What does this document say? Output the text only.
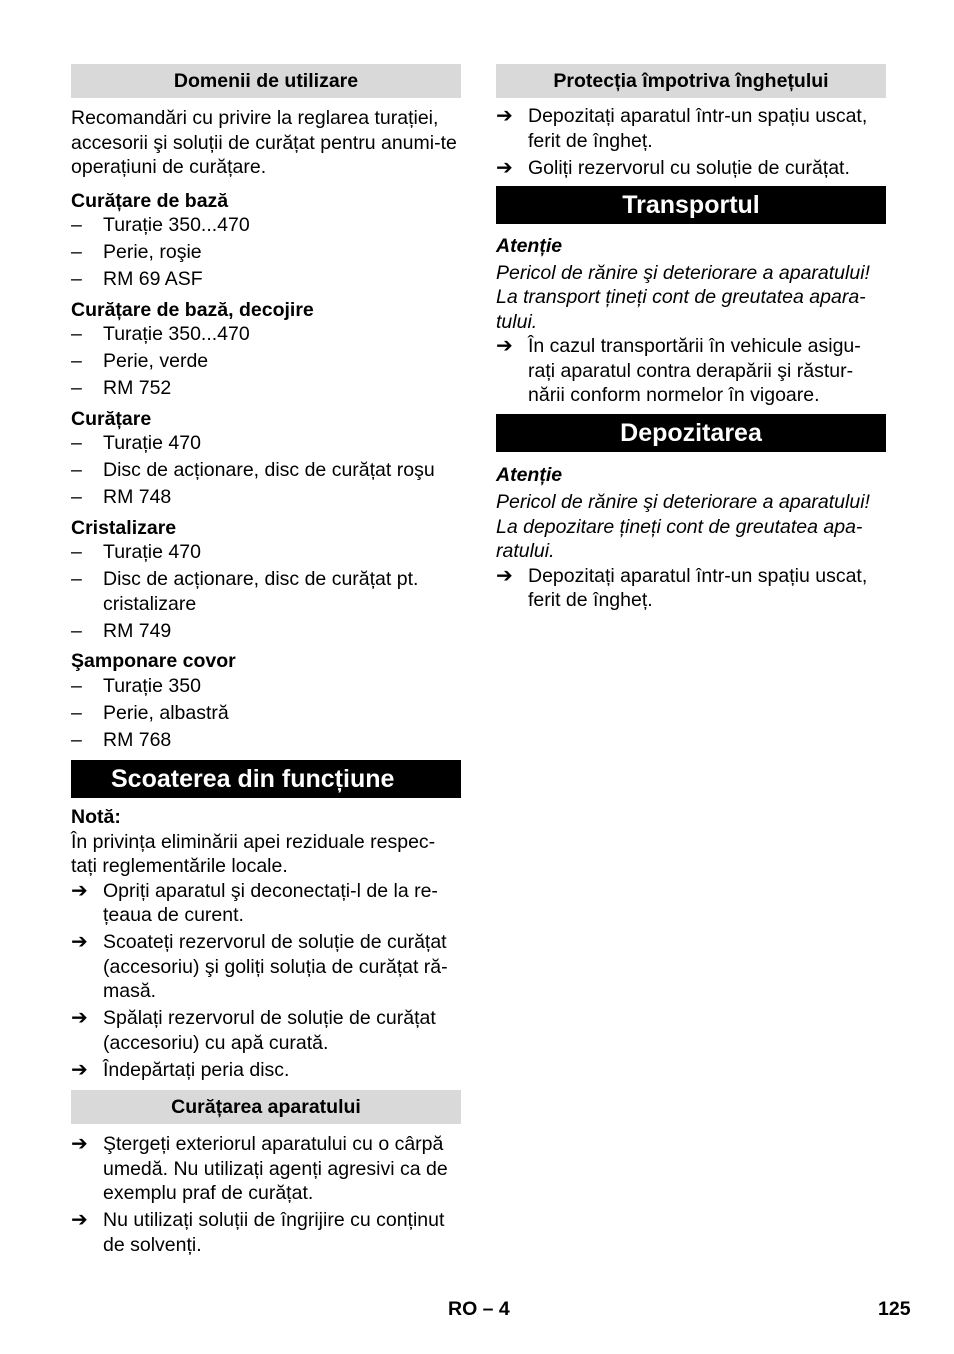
Domenii de utilizare

Recomandări cu privire la reglarea turației, accesorii şi soluții de curățat pentru anumi-te operațiuni de curățare.

Curățare de bază

– Turație 350...470
– Perie, roşie
– RM 69 ASF

Curățare de bază, decojire

– Turație 350...470
– Perie, verde
– RM 752

Curățare

– Turație 470
– Disc de acționare, disc de curățat roşu
– RM 748

Cristalizare

– Turație 470
– Disc de acționare, disc de curățat pt. cristalizare
– RM 749

Şamponare covor

– Turație 350
– Perie, albastră
– RM 768
Scoaterea din funcțiune

Notă:

În privința eliminării apei reziduale respec-tați reglementările locale.

➔ Opriți aparatul şi deconectați-l de la re-țeaua de curent.
➔ Scoateți rezervorul de soluție de curățat (accesoriu) şi goliți soluția de curățat ră-masă.
➔ Spălați rezervorul de soluție de curățat (accesoriu) cu apă curată.
➔ Îndepărtați peria disc.
Curățarea aparatului
➔ Ştergeți exteriorul aparatului cu o cârpă umedă. Nu utilizați agenți agresivi ca de exemplu praf de curățat.
➔ Nu utilizați soluții de îngrijire cu conținut de solvenți.
Protecția împotriva înghețului
➔ Depozitați aparatul într-un spațiu uscat, ferit de îngheț.
➔ Goliți rezervorul cu soluție de curățat.
Transportul

Atenție

Pericol de rănire şi deteriorare a aparatului! La transport țineți cont de greutatea apara-tului.

➔ În cazul transportării în vehicule asigu-rați aparatul contra derapării şi răstur-nării conform normelor în vigoare.
Depozitarea

Atenție

Pericol de rănire şi deteriorare a aparatului! La depozitare țineți cont de greutatea apa-ratului.

➔ Depozitați aparatul într-un spațiu uscat, ferit de îngheț.
RO – 4	125
